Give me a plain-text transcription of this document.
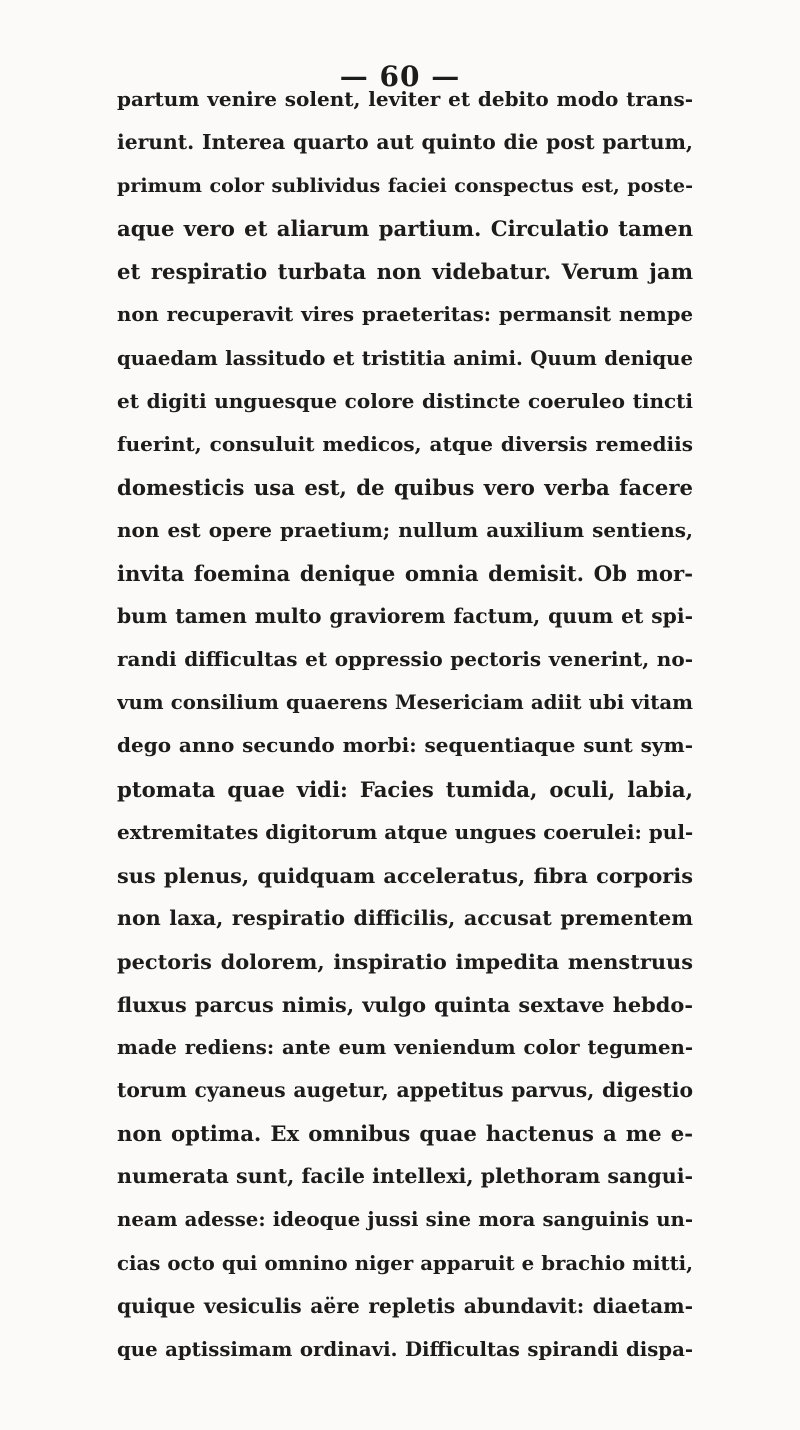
— 60 —
partum venire solent, leviter et debito modo trans-
ierunt. Interea quarto aut quinto die post partum,
primum color sublividus faciei conspectus est, poste-
aque vero et aliarum partium. Circulatio tamen
et respiratio turbata non videbatur. Verum jam
non recuperavit vires praeteritas: permansit nempe
quaedam lassitudo et tristitia animi. Quum denique
et digiti unguesque colore distincte coeruleo tincti
fuerint, consuluit medicos, atque diversis remediis
domesticis usa est, de quibus vero verba facere
non est opere praetium; nullum auxilium sentiens,
invita foemina denique omnia demisit. Ob mor-
bum tamen multo graviorem factum, quum et spi-
randi difficultas et oppressio pectoris venerint, no-
vum consilium quaerens Mesericiam adiit ubi vitam
dego anno secundo morbi: sequentiaque sunt sym-
ptomata quae vidi: Facies tumida, oculi, labia,
extremitates digitorum atque ungues coerulei: pul-
sus plenus, quidquam acceleratus, fibra corporis
non laxa, respiratio difficilis, accusat prementem
pectoris dolorem, inspiratio impedita menstruus
fluxus parcus nimis, vulgo quinta sextave hebdo-
made rediens: ante eum veniendum color tegumen-
torum cyaneus augetur, appetitus parvus, digestio
non optima. Ex omnibus quae hactenus a me e-
numerata sunt, facile intellexi, plethoram sangui-
neam adesse: ideoque jussi sine mora sanguinis un-
cias octo qui omnino niger apparuit e brachio mitti,
quique vesiculis aëre repletis abundavit: diaetam-
que aptissimam ordinavi. Difficultas spirandi dispa-
